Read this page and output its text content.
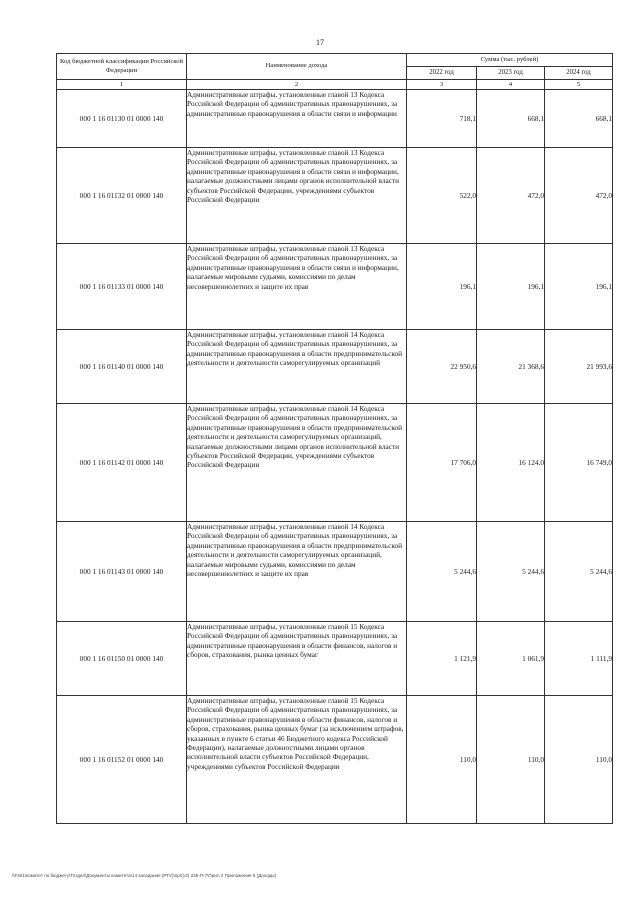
17
Код бюджетной классификации Российской Федерации	Наименование дохода	Сумма (тыс. рублей)		
		2022 год	2023 год	2024 год
1	2	3	4	5
000 1 16 01130 01 0000 140	Административные штрафы, установленные главой 13 Кодекса Российской Федерации об административных правонарушениях, за административные правонарушения в области связи и информации	718,1	668,1	668,1
000 1 16 01132 01 0000 140	Административные штрафы, установленные главой 13 Кодекса Российской Федерации об административных правонарушениях, за административные правонарушения в области связи и информации, налагаемые должностными лицами органов исполнительной власти субъектов Российской Федерации, учреждениями субъектов Российской Федерации	522,0	472,0	472,0
000 1 16 01133 01 0000 140	Административные штрафы, установленные главой 13 Кодекса Российской Федерации об административных правонарушениях, за административные правонарушения в области связи и информации, налагаемые мировыми судьями, комиссиями по делам несовершеннолетних и защите их прав	196,1	196,1	196,1
000 1 16 01140 01 0000 140	Административные штрафы, установленные главой 14 Кодекса Российской Федерации об административных правонарушениях, за административные правонарушения в области предпринимательской деятельности и деятельности саморегулируемых организаций	22 950,6	21 368,6	21 993,6
000 1 16 01142 01 0000 140	Административные штрафы, установленные главой 14 Кодекса Российской Федерации об административных правонарушениях, за административные правонарушения в области предпринимательской деятельности и деятельности саморегулируемых организаций, налагаемые должностными лицами органов исполнительной власти субъектов Российской Федерации, учреждениями субъектов Российской Федерации	17 706,0	16 124,0	16 749,0
000 1 16 01143 01 0000 140	Административные штрафы, установленные главой 14 Кодекса Российской Федерации об административных правонарушениях, за административные правонарушения в области предпринимательской деятельности и деятельности саморегулируемых организаций, налагаемые мировыми судьями, комиссиями по делам несовершеннолетних и защите их прав	5 244,6	5 244,6	5 244,6
000 1 16 01150 01 0000 140	Административные штрафы, установленные главой 15 Кодекса Российской Федерации об административных правонарушениях, за административные правонарушения в области финансов, налогов и сборов, страхования, рынка ценных бумаг	1 121,9	1 061,9	1 111,9
000 1 16 01152 01 0000 140	Административные штрафы, установленные главой 15 Кодекса Российской Федерации об административных правонарушениях, за административные правонарушения в области финансов, налогов и сборов, страхования, рынка ценных бумаг (за исключением штрафов, указанных в пункте 6 статьи 46 Бюджетного кодекса Российской Федерации), налагаемые должностными лицами органов исполнительной власти субъектов Российской Федерации, учреждениями субъектов Российской Федерации	110,0	110,0	110,0
\\Fs01\комитет по бюджету\Тотдел\Документы комитета\14 заседание (РТУ)\пр\(14) 235-П-7\Прил 2 Приложение 5 (Доходы)
